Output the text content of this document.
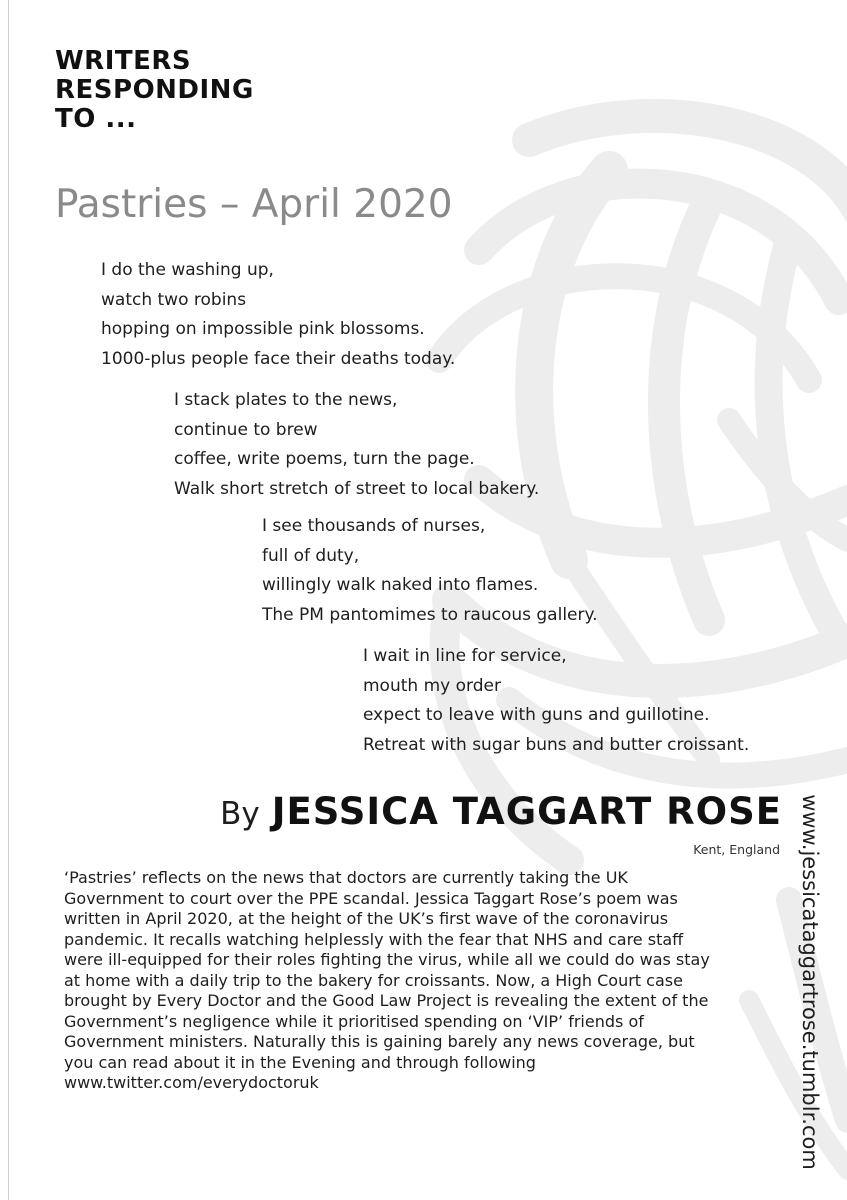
WRITERS
RESPONDING
TO ...
Pastries – April 2020
I do the washing up,
watch two robins
hopping on impossible pink blossoms.
1000-plus people face their deaths today.
I stack plates to the news,
continue to brew
coffee, write poems, turn the page.
Walk short stretch of street to local bakery.
I see thousands of nurses,
full of duty,
willingly walk naked into flames.
The PM pantomimes to raucous gallery.
I wait in line for service,
mouth my order
expect to leave with guns and guillotine.
Retreat with sugar buns and butter croissant.
By JESSICA TAGGART ROSE
Kent, England www.jessicataggartrose.tumblr.com
‘Pastries’ reflects on the news that doctors are currently taking the UK
Government to court over the PPE scandal. Jessica Taggart Rose’s poem was
written in April 2020, at the height of the UK’s first wave of the coronavirus
pandemic. It recalls watching helplessly with the fear that NHS and care staff
were ill-equipped for their roles fighting the virus, while all we could do was stay
at home with a daily trip to the bakery for croissants. Now, a High Court case
brought by Every Doctor and the Good Law Project is revealing the extent of the
Government’s negligence while it prioritised spending on ‘VIP’ friends of
Government ministers. Naturally this is gaining barely any news coverage, but
you can read about it in the Evening and through following
www.twitter.com/everydoctoruk
